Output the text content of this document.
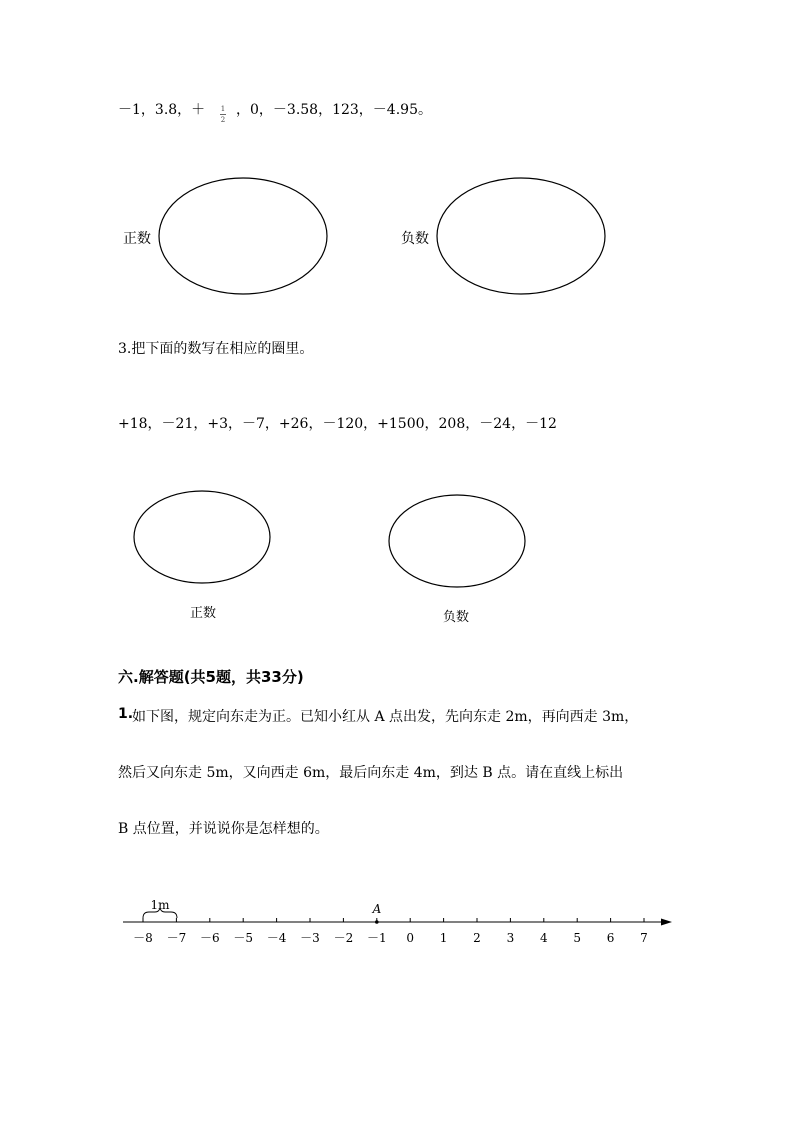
－1，3.8，＋ 1
2
，0，－3.58，123，－4.95。
正数	负数
3.把下面的数写在相应的圈里。
+18，－21，+3，－7，+26，－120，+1500，208，－24，－12
正数	负数
六.解答题(共5题，共33分)
1.
如下图，规定向东走为正。已知小红从 A 点出发，先向东走 2m，再向西走 3m，
然后又向东走 5m，又向西走 6m，最后向东走 4m，到达 B 点。请在直线上标出
B 点位置，并说说你是怎样想的。
－8 －7 －6 －5 －4 －3 －2 －1 0 1 2 3 4 5 6 7
1m	A
